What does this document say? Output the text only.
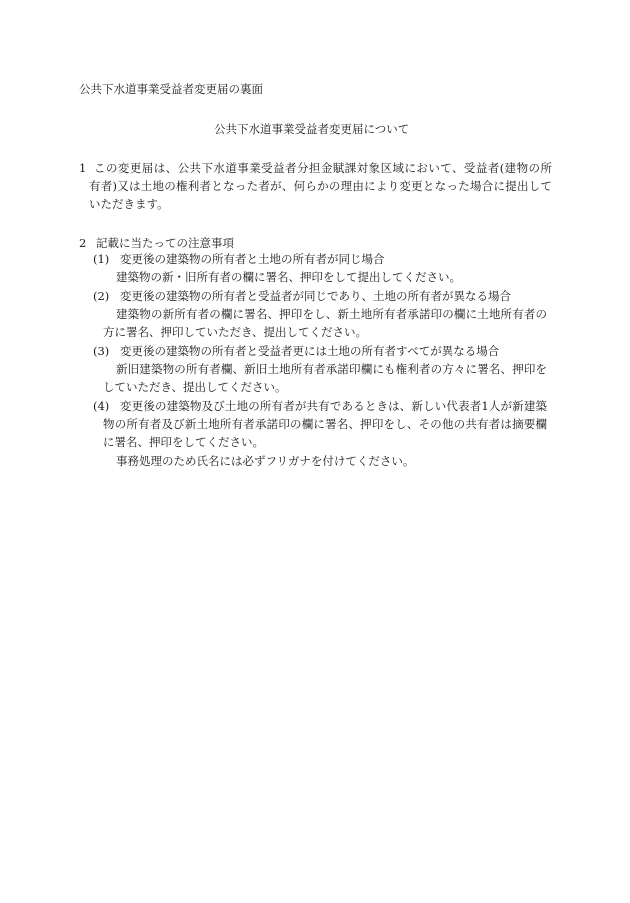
公共下水道事業受益者変更届の裏面
公共下水道事業受益者変更届について
1 この変更届は、公共下水道事業受益者分担金賦課対象区域において、受益者(建物の所
有者)又は土地の権利者となった者が、何らかの理由により変更となった場合に提出して
いただきます。
2 記載に当たっての注意事項
(1) 変更後の建築物の所有者と土地の所有者が同じ場合
建築物の新・旧所有者の欄に署名、押印をして提出してください。
(2) 変更後の建築物の所有者と受益者が同じであり、土地の所有者が異なる場合
建築物の新所有者の欄に署名、押印をし、新土地所有者承諾印の欄に土地所有者の
方に署名、押印していただき、提出してください。
(3) 変更後の建築物の所有者と受益者更には土地の所有者すべてが異なる場合
新旧建築物の所有者欄、新旧土地所有者承諾印欄にも権利者の方々に署名、押印を
していただき、提出してください。
(4) 変更後の建築物及び土地の所有者が共有であるときは、新しい代表者1人が新建築
物の所有者及び新土地所有者承諾印の欄に署名、押印をし、その他の共有者は摘要欄
に署名、押印をしてください。
事務処理のため氏名には必ずフリガナを付けてください。
